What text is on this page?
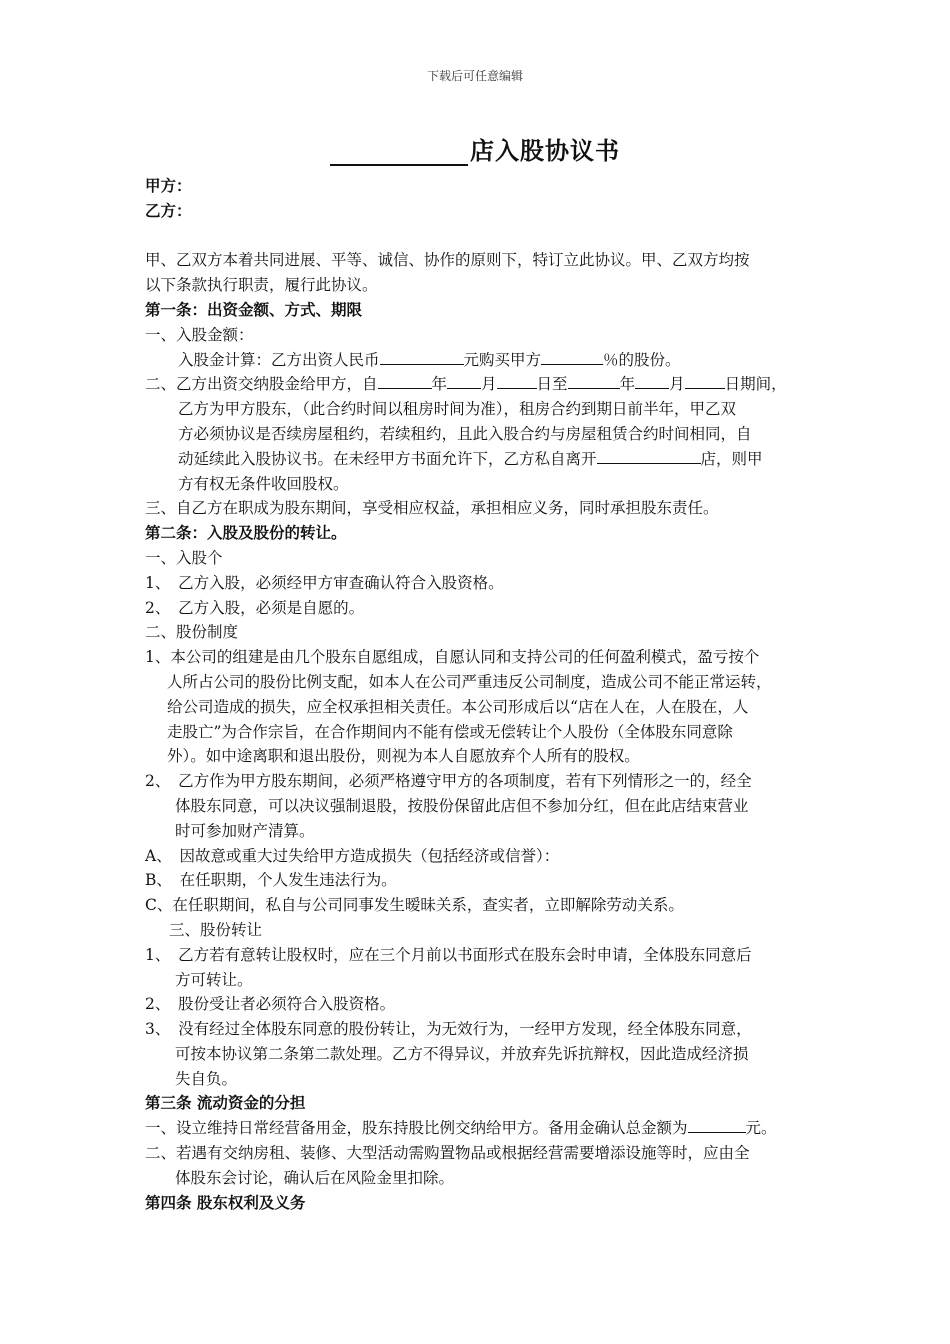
下载后可任意编辑
店入股协议书
甲方：
乙方：
甲、乙双方本着共同进展、平等、诚信、协作的原则下，特订立此协议。甲、乙双方均按
以下条款执行职责，履行此协议。
第一条：出资金额、方式、期限
一、入股金额：
入股金计算：乙方出资人民币	元购买甲方	％的股份。
二、乙方出资交纳股金给甲方，自	年 月	日至	年 月	日期间，
乙方为甲方股东，（此合约时间以租房时间为准），租房合约到期日前半年，甲乙双
方必须协议是否续房屋租约，若续租约，且此入股合约与房屋租赁合约时间相同，自
动延续此入股协议书。在未经甲方书面允许下，乙方私自离开	店，则甲
方有权无条件收回股权。
三、自乙方在职成为股东期间，享受相应权益，承担相应义务，同时承担股东责任。
第二条：入股及股份的转让。
一、入股个
1、　乙方入股，必须经甲方审查确认符合入股资格。
2、　乙方入股，必须是自愿的。
二、股份制度
1、本公司的组建是由几个股东自愿组成，自愿认同和支持公司的任何盈利模式，盈亏按个
人所占公司的股份比例支配，如本人在公司严重违反公司制度，造成公司不能正常运转，
给公司造成的损失，应全权承担相关责任。本公司形成后以“店在人在，人在股在，人
走股亡”为合作宗旨，在合作期间内不能有偿或无偿转让个人股份（全体股东同意除
外）。如中途离职和退出股份，则视为本人自愿放弃个人所有的股权。
2、　乙方作为甲方股东期间，必须严格遵守甲方的各项制度，若有下列情形之一的，经全
体股东同意，可以决议强制退股，按股份保留此店但不参加分红，但在此店结束营业
时可参加财产清算。
A、　因故意或重大过失给甲方造成损失（包括经济或信誉）：
B、　在任职期，个人发生违法行为。
C、在任职期间，私自与公司同事发生暧昧关系，查实者，立即解除劳动关系。
三、股份转让
1、　乙方若有意转让股权时，应在三个月前以书面形式在股东会时申请，全体股东同意后
方可转让。
2、　股份受让者必须符合入股资格。
3、　没有经过全体股东同意的股份转让，为无效行为，一经甲方发现，经全体股东同意，
可按本协议第二条第二款处理。乙方不得异议，并放弃先诉抗辩权，因此造成经济损
失自负。
第三条 流动资金的分担
一、设立维持日常经营备用金，股东持股比例交纳给甲方。备用金确认总金额为	元。
二、若遇有交纳房租、装修、大型活动需购置物品或根据经营需要增添设施等时，应由全
体股东会讨论，确认后在风险金里扣除。
第四条 股东权利及义务
